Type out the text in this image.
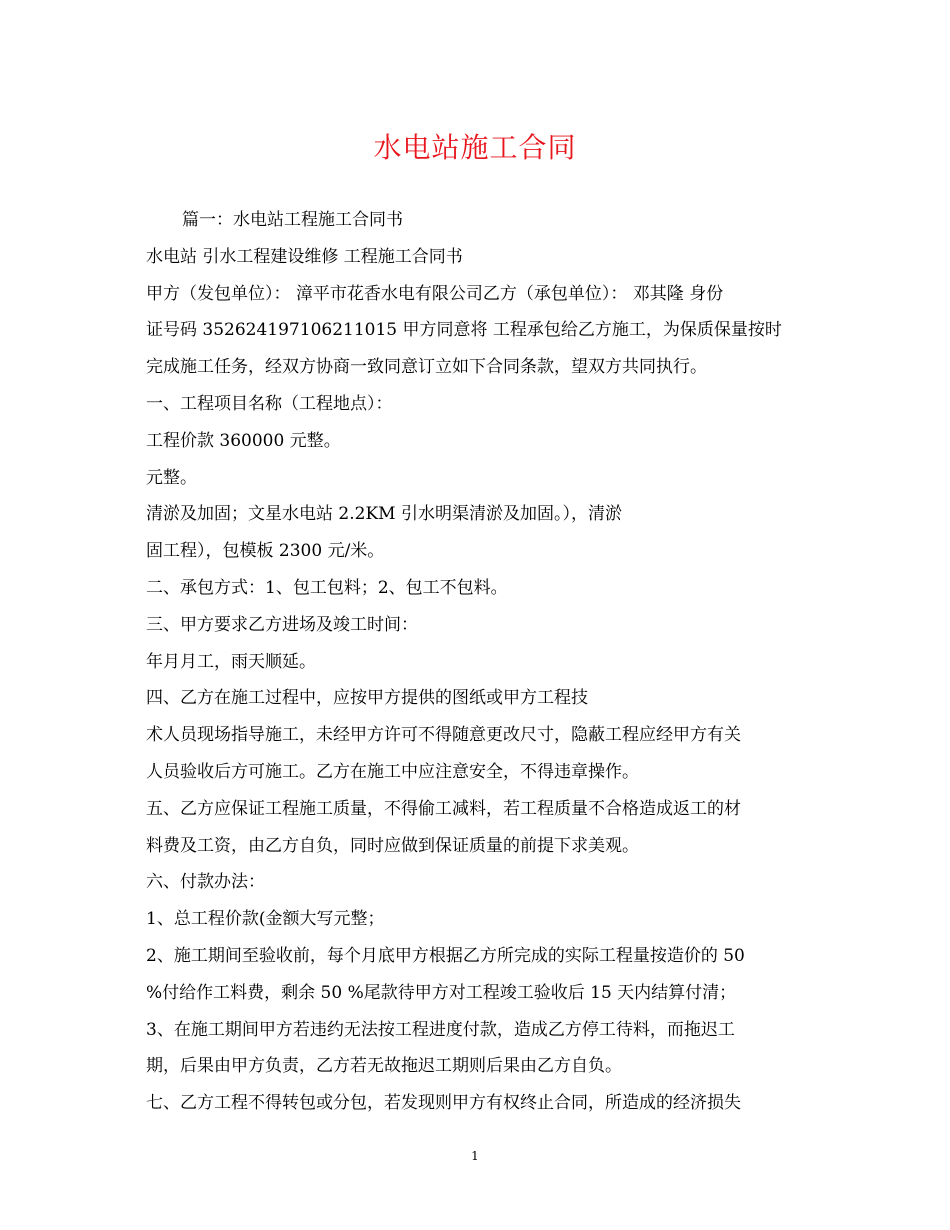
水电站施工合同
篇一：水电站工程施工合同书
水电站 引水工程建设维修 工程施工合同书
甲方（发包单位）： 漳平市花香水电有限公司乙方（承包单位）： 邓其隆 身份
证号码 352624197106211015 甲方同意将 工程承包给乙方施工，为保质保量按时
完成施工任务，经双方协商一致同意订立如下合同条款，望双方共同执行。
一、工程项目名称（工程地点）：
工程价款 360000 元整。
元整。
清淤及加固；文星水电站 2.2KM 引水明渠清淤及加固。），清淤
固工程），包模板 2300 元/米。
二、承包方式：1、包工包料；2、包工不包料。
三、甲方要求乙方进场及竣工时间：
年月月工，雨天顺延。
四、乙方在施工过程中，应按甲方提供的图纸或甲方工程技
术人员现场指导施工，未经甲方许可不得随意更改尺寸，隐蔽工程应经甲方有关
人员验收后方可施工。乙方在施工中应注意安全，不得违章操作。
五、乙方应保证工程施工质量，不得偷工减料，若工程质量不合格造成返工的材
料费及工资，由乙方自负，同时应做到保证质量的前提下求美观。
六、付款办法：
1、总工程价款(金额大写元整；
2、施工期间至验收前，每个月底甲方根据乙方所完成的实际工程量按造价的 50
%付给作工料费，剩余 50 %尾款待甲方对工程竣工验收后 15 天内结算付清；
3、在施工期间甲方若违约无法按工程进度付款，造成乙方停工待料，而拖迟工
期，后果由甲方负责，乙方若无故拖迟工期则后果由乙方自负。
七、乙方工程不得转包或分包，若发现则甲方有权终止合同，所造成的经济损失
1
